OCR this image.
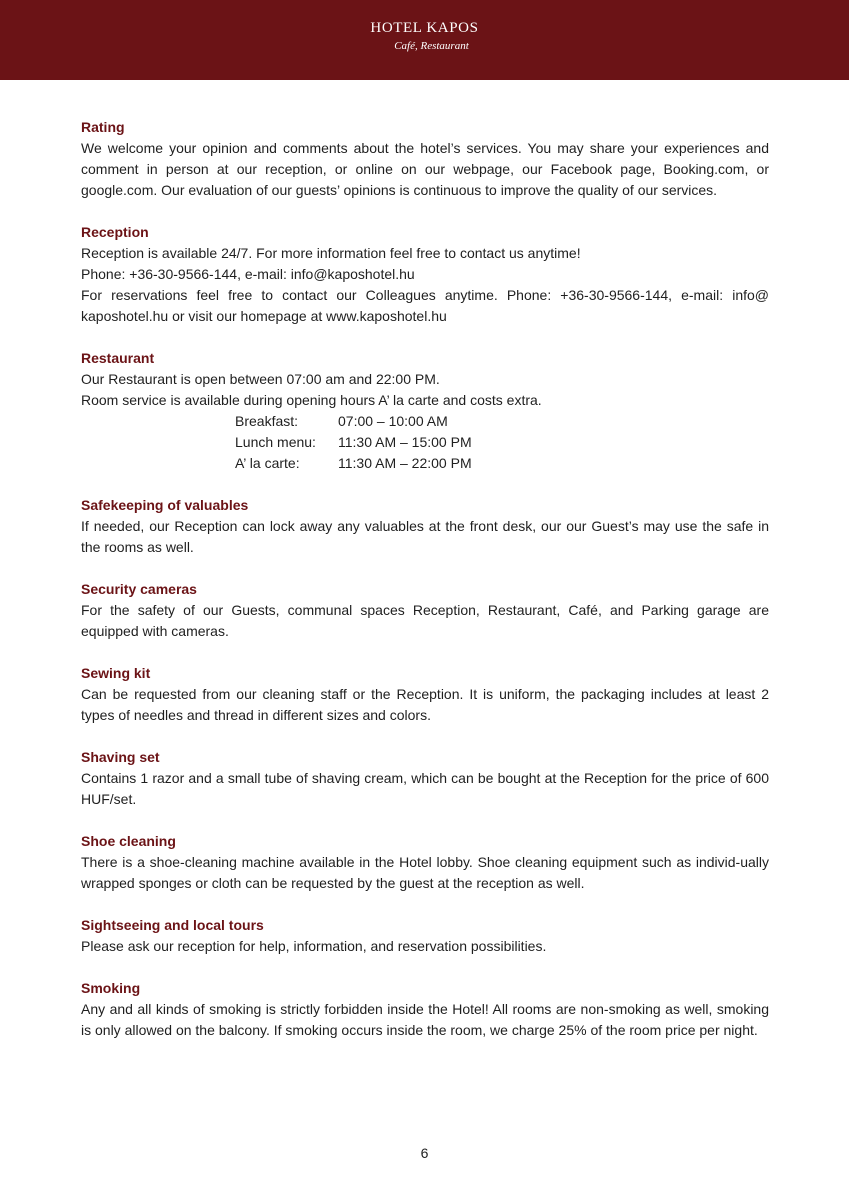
HOTEL KAPOS
Café, Restaurant
Rating
We welcome your opinion and comments about the hotel’s services. You may share your experiences and comment in person at our reception, or online on our webpage, our Facebook page, Booking.com, or google.com. Our evaluation of our guests’ opinions is continuous to improve the quality of our services.
Reception
Reception is available 24/7. For more information feel free to contact us anytime!
Phone: +36-30-9566-144, e-mail: info@kaposhotel.hu
For reservations feel free to contact our Colleagues anytime. Phone: +36-30-9566-144, e-mail: info@ kaposhotel.hu or visit our homepage at www.kaposhotel.hu
Restaurant
Our Restaurant is open between 07:00 am and 22:00 PM.
Room service is available during opening hours A’ la carte and costs extra.
Breakfast:	07:00 – 10:00 AM
Lunch menu: 11:30 AM – 15:00 PM
A’ la carte:	11:30 AM – 22:00 PM
Safekeeping of valuables
If needed, our Reception can lock away any valuables at the front desk, our our Guest’s may use the safe in the rooms as well.
Security cameras
For the safety of our Guests, communal spaces Reception, Restaurant, Café, and Parking garage are equipped with cameras.
Sewing kit
Can be requested from our cleaning staff or the Reception. It is uniform, the packaging includes at least 2 types of needles and thread in different sizes and colors.
Shaving set
Contains 1 razor and a small tube of shaving cream, which can be bought at the Reception for the price of 600 HUF/set.
Shoe cleaning
There is a shoe-cleaning machine available in the Hotel lobby. Shoe cleaning equipment such as individ-ually wrapped sponges or cloth can be requested by the guest at the reception as well.
Sightseeing and local tours
Please ask our reception for help, information, and reservation possibilities.
Smoking
Any and all kinds of smoking is strictly forbidden inside the Hotel! All rooms are non-smoking as well, smoking is only allowed on the balcony. If smoking occurs inside the room, we charge 25% of the room price per night.
6
